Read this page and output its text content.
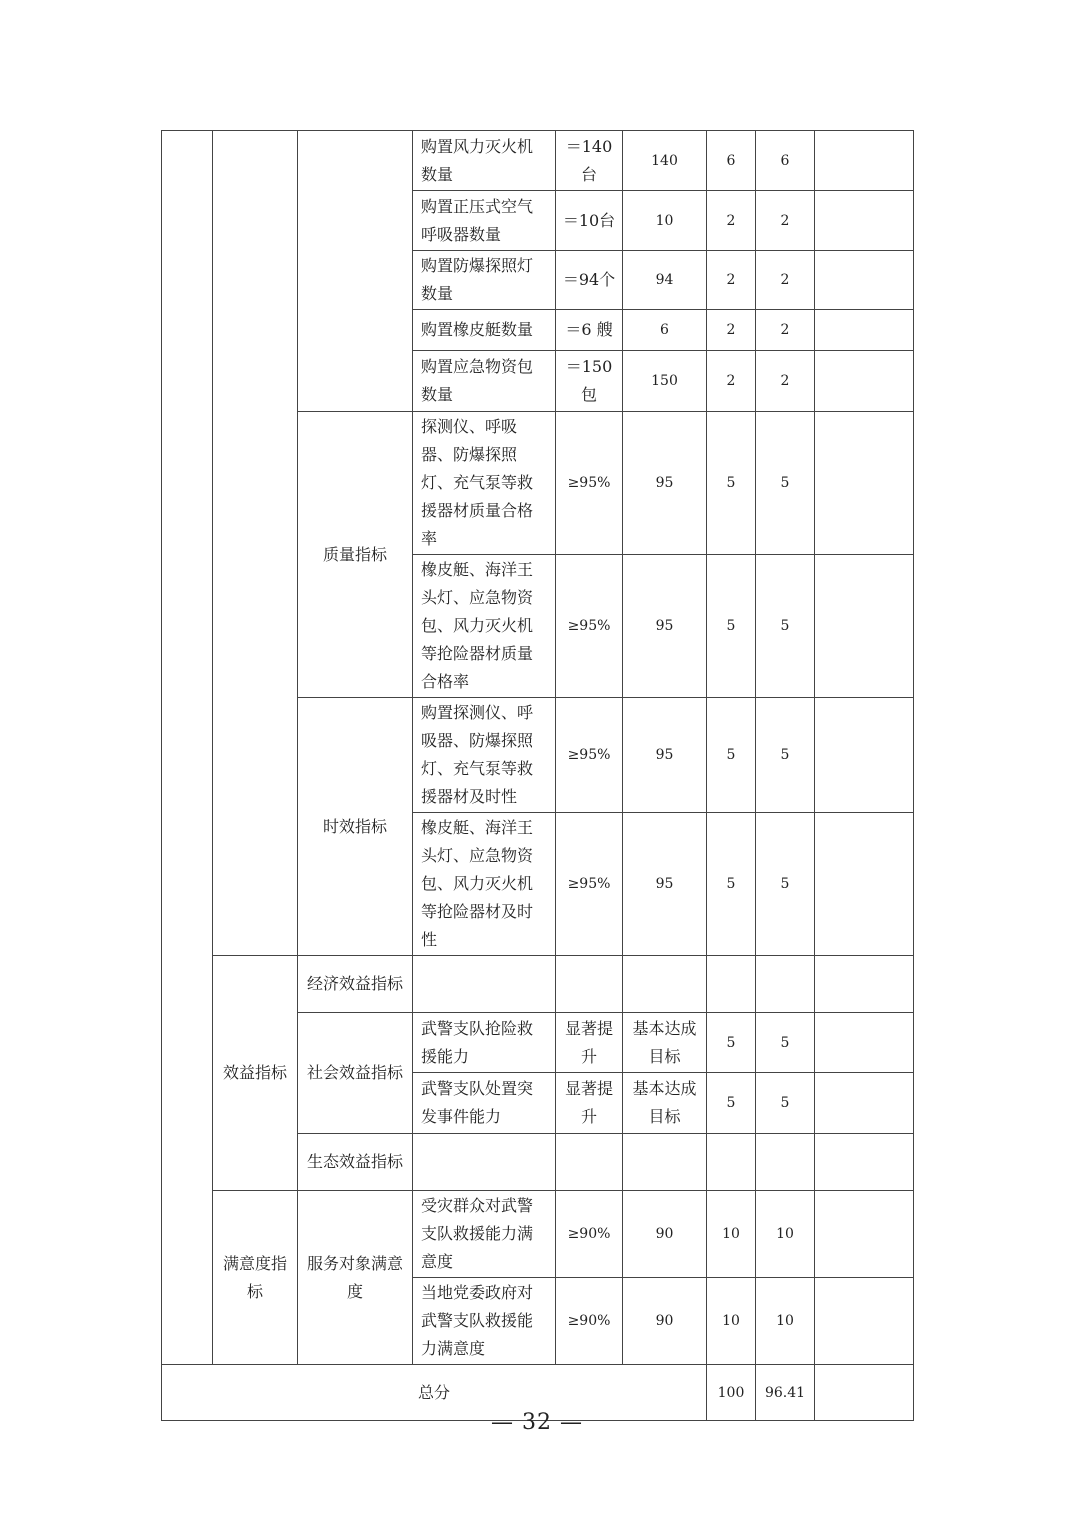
			购置风力灭火机数量	＝140台	140	6	6	
			购置正压式空气呼吸器数量	＝10台	10	2	2	
			购置防爆探照灯数量	＝94个	94	2	2	
			购置橡皮艇数量	＝6 艘	6	2	2	
			购置应急物资包数量	＝150包	150	2	2	
		质量指标	探测仪、呼吸器、防爆探照灯、充气泵等救援器材质量合格率	≥95%	95	5	5	
			橡皮艇、海洋王头灯、应急物资包、风力灭火机等抢险器材质量合格率	≥95%	95	5	5	
		时效指标	购置探测仪、呼吸器、防爆探照灯、充气泵等救援器材及时性	≥95%	95	5	5	
			橡皮艇、海洋王头灯、应急物资包、风力灭火机等抢险器材及时性	≥95%	95	5	5	
	效益指标	经济效益指标						
		社会效益指标	武警支队抢险救援能力	显著提升	基本达成目标	5	5	
			武警支队处置突发事件能力	显著提升	基本达成目标	5	5	
		生态效益指标						
	满意度指标	服务对象满意度	受灾群众对武警支队救援能力满意度	≥90%	90	10	10	
			当地党委政府对武警支队救援能力满意度	≥90%	90	10	10	
总分						100	96.41	
— 32 —
